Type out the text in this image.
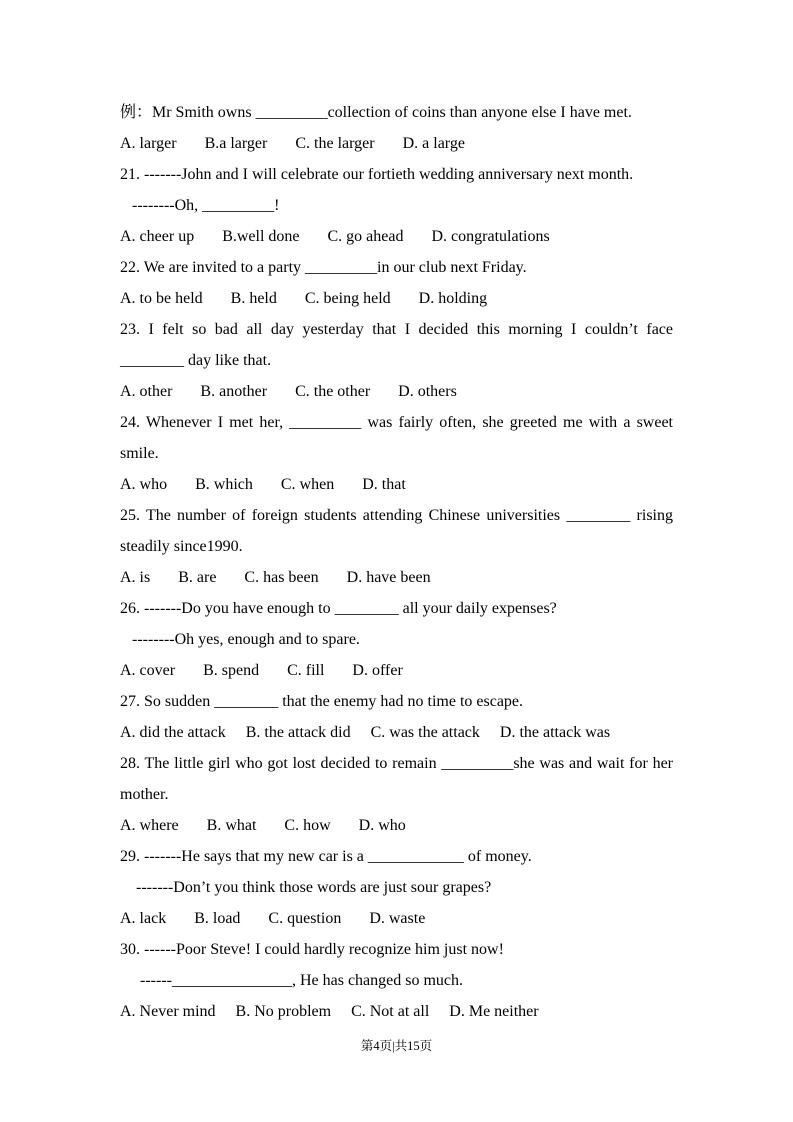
例：Mr Smith owns _________collection of coins than anyone else I have met.
A. larger       B.a larger       C. the larger       D. a large
21. -------John and I will celebrate our fortieth wedding anniversary next month.
--------Oh, _________!
A. cheer up       B.well done       C. go ahead       D. congratulations
22. We are invited to a party _________in our club next Friday.
A. to be held       B. held       C. being held       D. holding
23. I felt so bad all day yesterday that I decided this morning I couldn’t face
________ day like that.
A. other       B. another       C. the other       D. others
24. Whenever I met her, _________ was fairly often, she greeted me with a sweet
smile.
A. who       B. which       C. when       D. that
25. The number of foreign students attending Chinese universities ________ rising
steadily since1990.
A. is       B. are       C. has been       D. have been
26. -------Do you have enough to ________ all your daily expenses?
--------Oh yes, enough and to spare.
A. cover       B. spend       C. fill       D. offer
27. So sudden ________ that the enemy had no time to escape.
A. did the attack     B. the attack did     C. was the attack     D. the attack was
28. The little girl who got lost decided to remain _________she was and wait for her
mother.
A. where       B. what       C. how       D. who
29. -------He says that my new car is a ____________ of money.
-------Don’t you think those words are just sour grapes?
A. lack       B. load       C. question       D. waste
30. ------Poor Steve! I could hardly recognize him just now!
------_______________, He has changed so much.
A. Never mind     B. No problem     C. Not at all     D. Me neither
第4页|共15页
